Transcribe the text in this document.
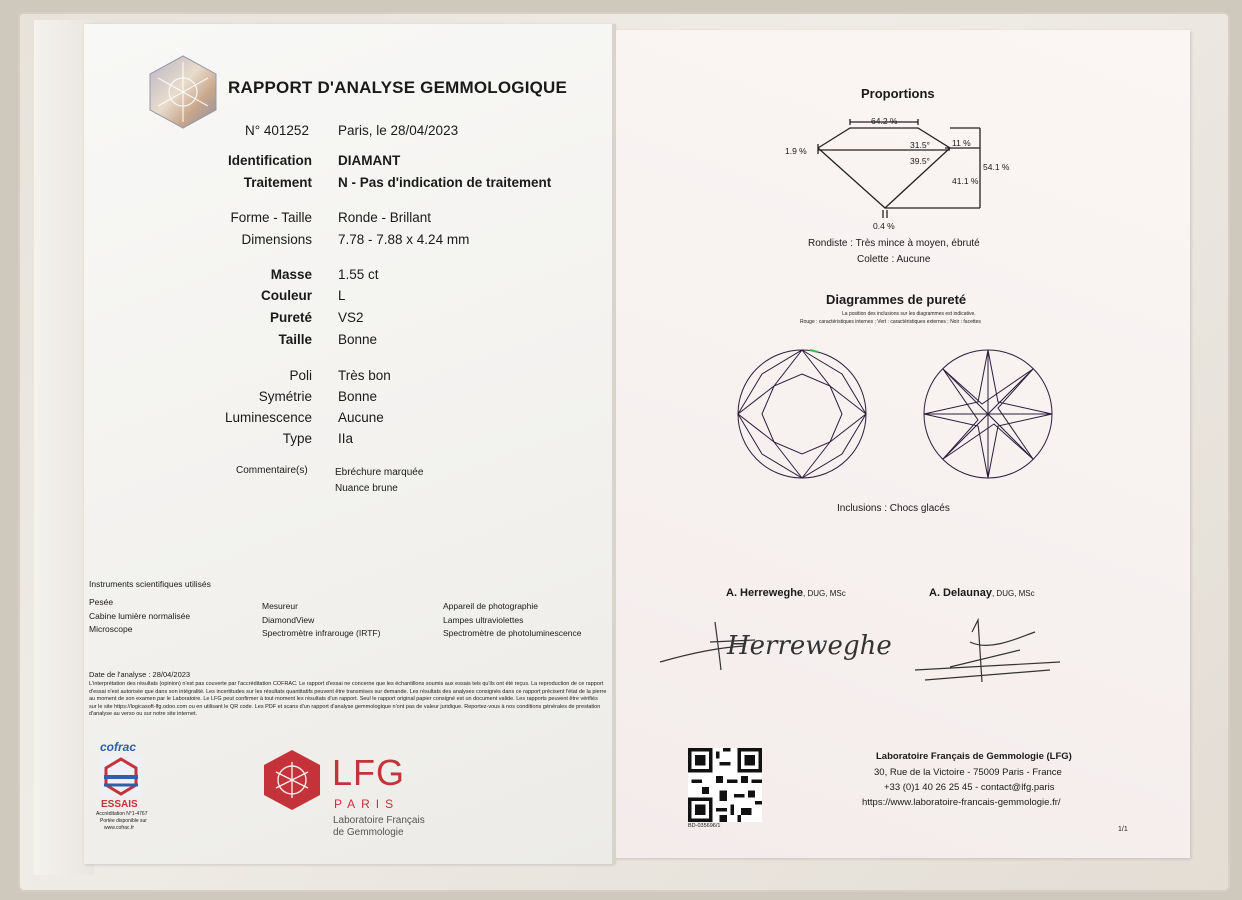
RAPPORT D'ANALYSE GEMMOLOGIQUE
N° 401252 Paris, le 28/04/2023
Identification DIAMANT
Traitement N - Pas d'indication de traitement
Forme - Taille Ronde - Brillant
Dimensions 7.78 - 7.88 x 4.24 mm
Masse 1.55 ct
Couleur L
Pureté VS2
Taille Bonne
Poli Très bon
Symétrie Bonne
Luminescence Aucune
Type IIa
Commentaire(s)	Ebréchure marquée
Nuance brune
Instruments scientifiques utilisés
Pesée
Cabine lumière normalisée
Microscope
Mesureur
DiamondView
Spectromètre infrarouge (IRTF)
Appareil de photographie
Lampes ultraviolettes
Spectromètre de photoluminescence
Date de l'analyse : 28/04/2023
L'interprétation des résultats (opinion) n'est pas couverte par l'accréditation COFRAC. Le rapport d'essai ne concerne que les échantillons soumis aux essais tels qu'ils ont été reçus. La reproduction de ce rapport d'essai n'est autorisée que dans son intégralité. Les incertitudes sur les résultats quantitatifs peuvent être transmises sur demande. Les résultats des analyses consignés dans ce rapport précisent l'état de la pierre au moment de son examen par le Laboratoire. Le LFG peut confirmer à tout moment les résultats d'un rapport. Seul le rapport original papier consigné est un document valide. Les rapports peuvent être vérifiés sur le site https://logicasoft-lfg.odoo.com ou en utilisant le QR code. Les PDF et scans d'un rapport d'analyse gemmologique n'ont pas de valeur juridique. Reportez-vous à nos conditions générales de prestation d'analyse au verso ou sur notre site internet.
cofrac
ESSAIS
Accréditation N°1-4767
Portée disponible sur
www.cofrac.fr
LFG
PARIS
Laboratoire Français
de Gemmologie
Proportions
64.2 %
1.9 %
31.5°
39.5°
11 %
41.1 %
54.1 %
0.4 %
Rondiste : Très mince à moyen, ébruté
Colette : Aucune
Diagrammes de pureté
La position des inclusions sur les diagrammes est indicative.
Rouge : caractéristiques internes ; Vert : caractéristiques externes ; Noir : facettes
Inclusions : Chocs glacés
A. Herreweghe, DUG, MSc	A. Delaunay, DUG, MSc
Herreweghe
BD-035696/1
Laboratoire Français de Gemmologie (LFG)
30, Rue de la Victoire - 75009 Paris - France
+33 (0)1 40 26 25 45 - contact@lfg.paris
https://www.laboratoire-francais-gemmologie.fr/
1/1
